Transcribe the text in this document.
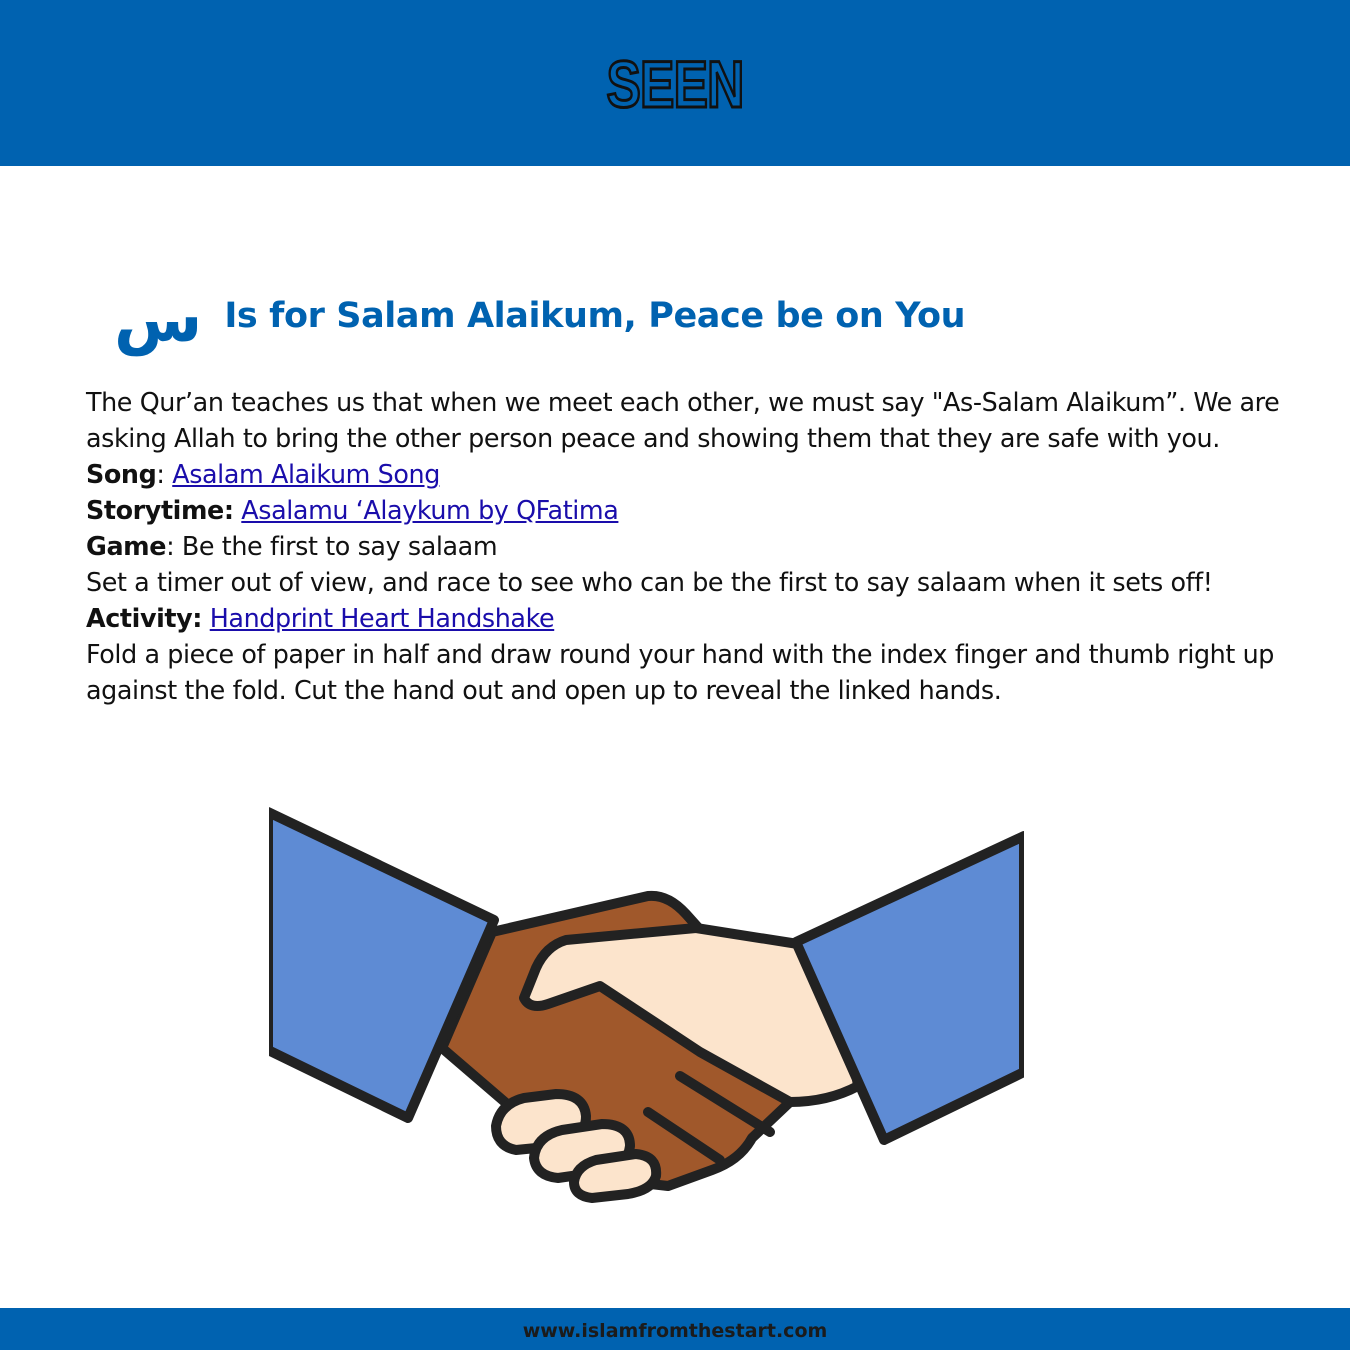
SEEN
س Is for Salam Alaikum, Peace be on You

The Qur’an teaches us that when we meet each other, we must say "As-Salam Alaikum”. We are asking Allah to bring the other person peace and showing them that they are safe with you.

Song: Asalam Alaikum Song

Storytime: Asalamu ‘Alaykum by QFatima

Game: Be the first to say salaam

Set a timer out of view, and race to see who can be the first to say salaam when it sets off!

Activity: Handprint Heart Handshake

Fold a piece of paper in half and draw round your hand with the index finger and thumb right up against the fold. Cut the hand out and open up to reveal the linked hands.

www.islamfromthestart.com
